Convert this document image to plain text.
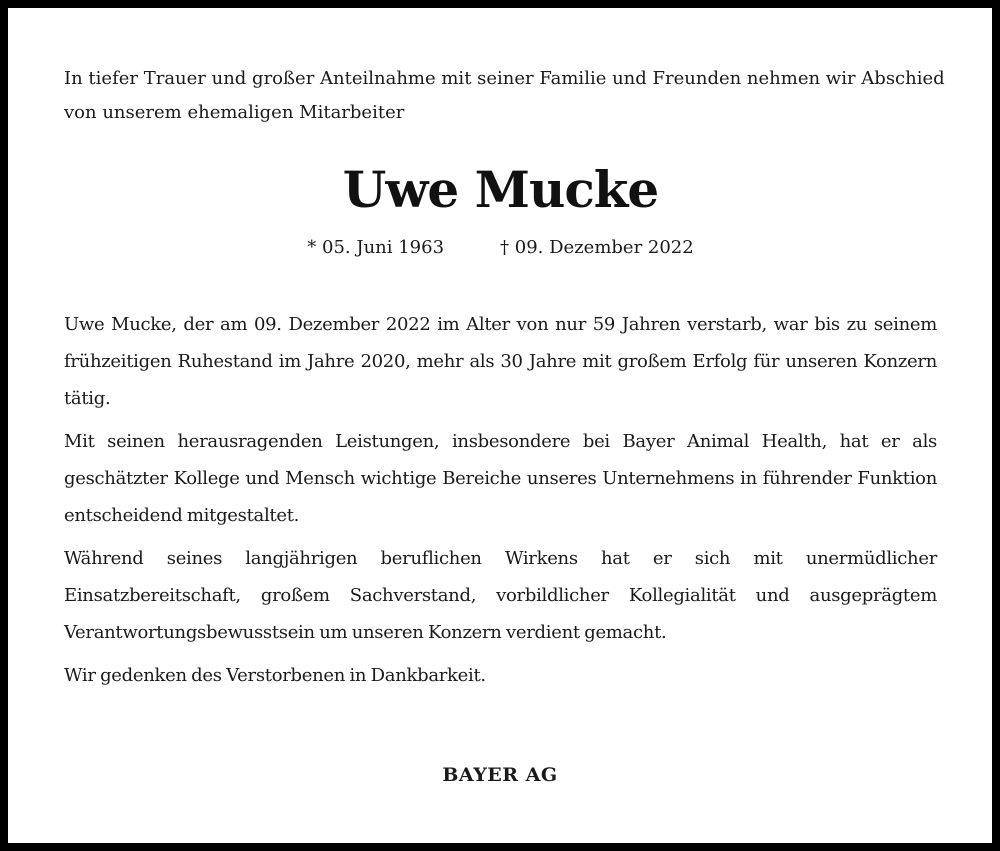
In tiefer Trauer und großer Anteilnahme mit seiner Familie und Freunden nehmen wir Abschied
von unserem ehemaligen Mitarbeiter

Uwe Mucke
* 05. Juni 1963	† 09. Dezember 2022

Uwe Mucke, der am 09. Dezember 2022 im Alter von nur 59 Jahren verstarb, war bis zu seinem frühzeitigen Ruhestand im Jahre 2020, mehr als 30 Jahre mit großem Erfolg für unseren Konzern tätig.

Mit seinen herausragenden Leistungen, insbesondere bei Bayer Animal Health, hat er als geschätzter Kollege und Mensch wichtige Bereiche unseres Unternehmens in führender Funktion entscheidend mitgestaltet.

Während seines langjährigen beruflichen Wirkens hat er sich mit unermüdlicher Einsatzbereitschaft, großem Sachverstand, vorbildlicher Kollegialität und ausgeprägtem Verantwortungsbewusstsein um unseren Konzern verdient gemacht.

Wir gedenken des Verstorbenen in Dankbarkeit.

BAYER AG
